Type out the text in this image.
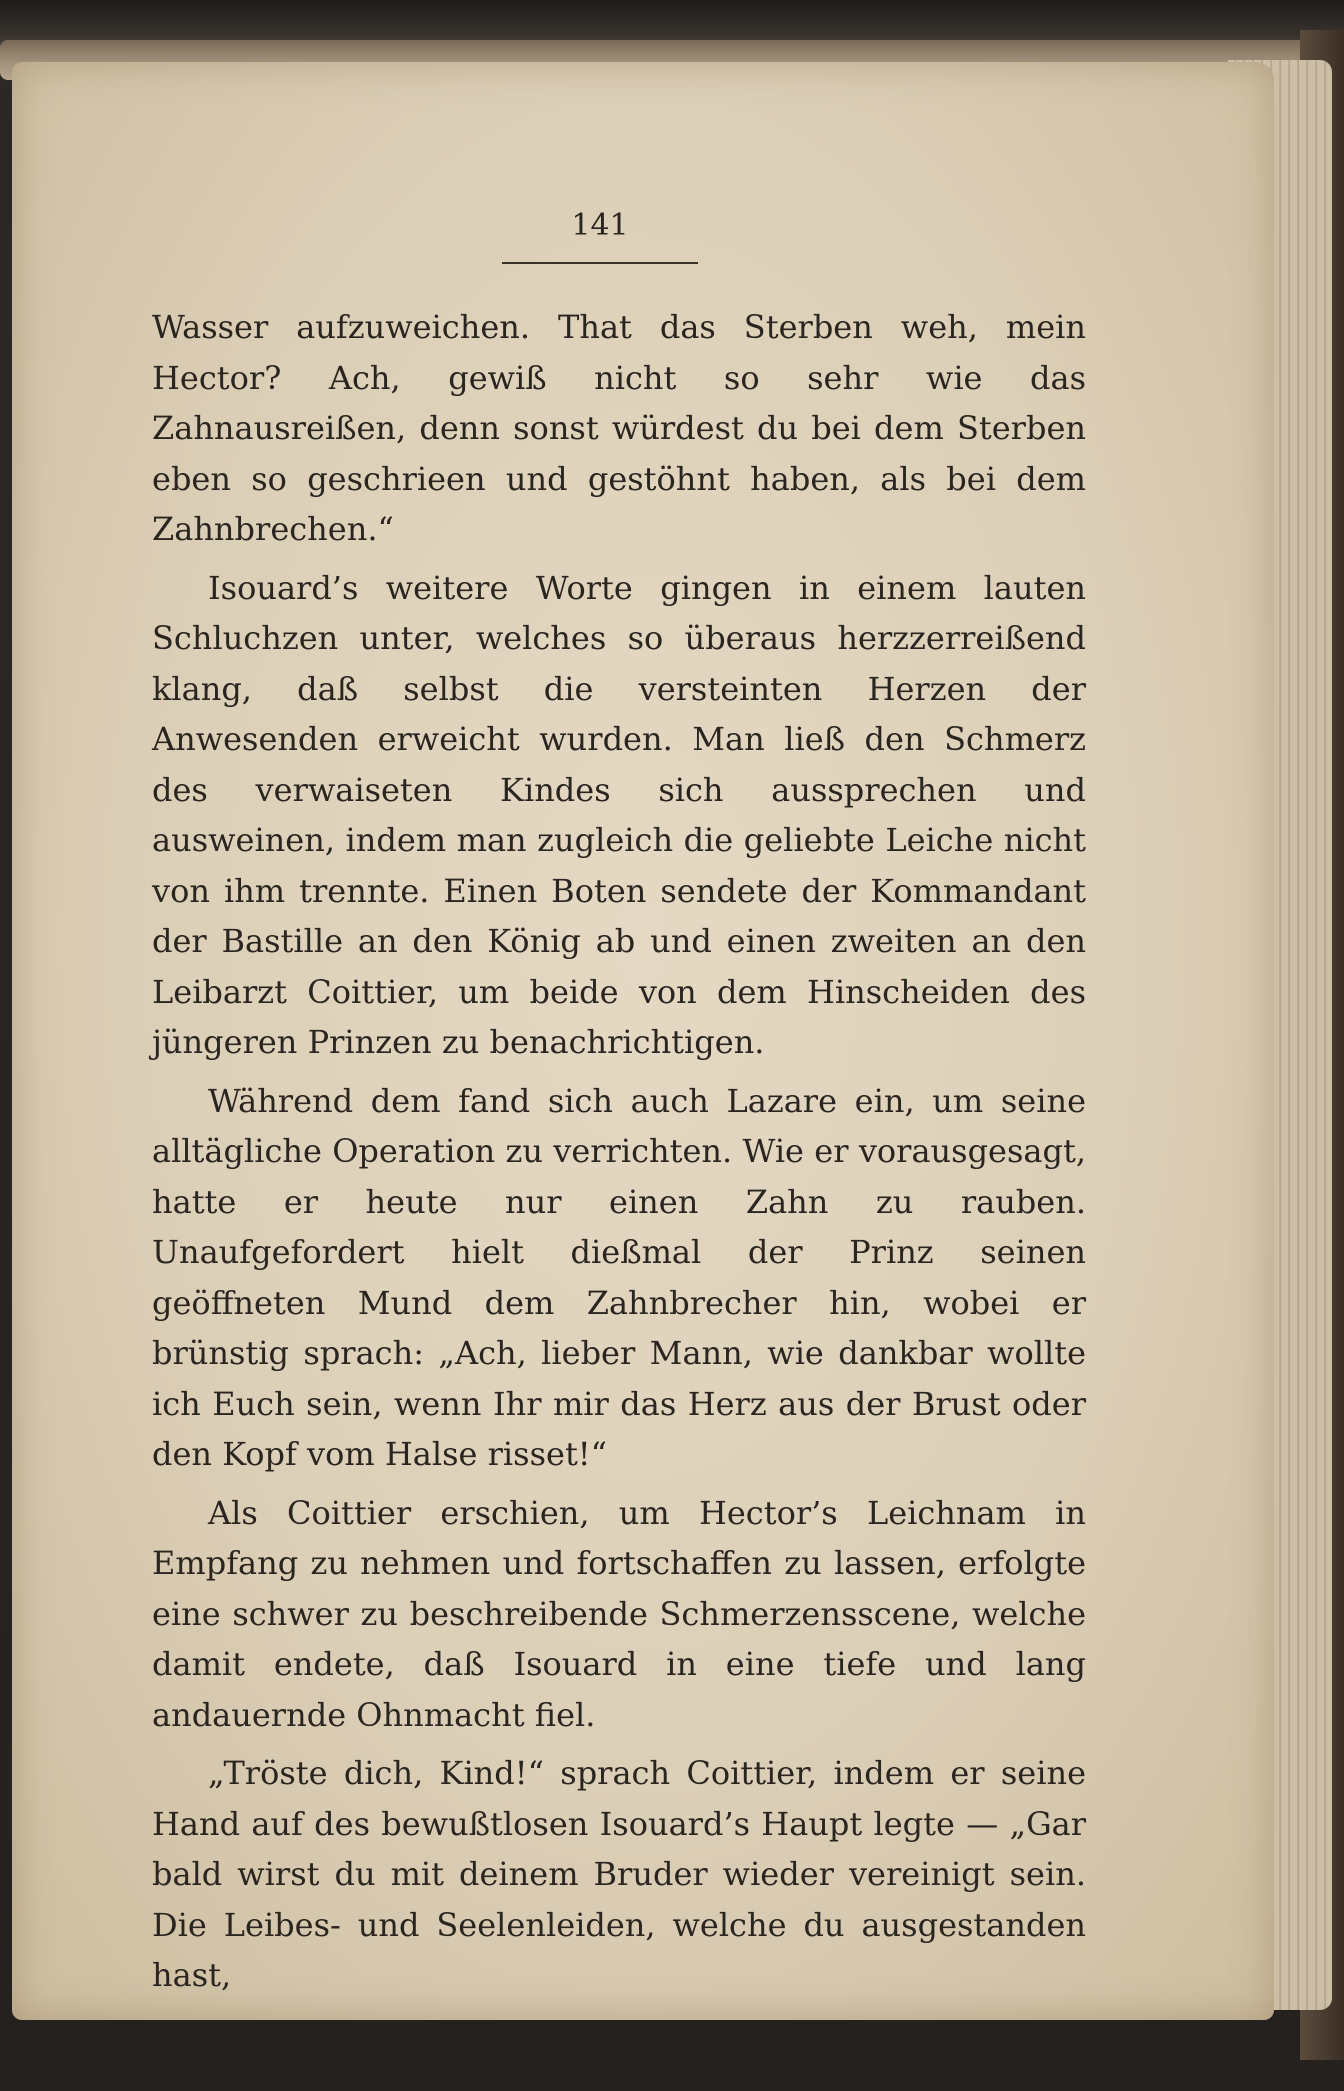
141

Wasser aufzuweichen. That das Sterben weh, mein Hector? Ach, gewiß nicht so sehr wie das Zahnausreißen, denn sonst würdest du bei dem Sterben eben so geschrieen und gestöhnt haben, als bei dem Zahnbrechen.“

Isouard’s weitere Worte gingen in einem lauten Schluchzen unter, welches so überaus herzzerreißend klang, daß selbst die versteinten Herzen der Anwesenden erweicht wurden. Man ließ den Schmerz des verwaiseten Kindes sich aussprechen und ausweinen, indem man zugleich die geliebte Leiche nicht von ihm trennte. Einen Boten sendete der Kommandant der Bastille an den König ab und einen zweiten an den Leibarzt Coittier, um beide von dem Hinscheiden des jüngeren Prinzen zu benachrichtigen.

Während dem fand sich auch Lazare ein, um seine alltägliche Operation zu verrichten. Wie er vorausgesagt, hatte er heute nur einen Zahn zu rauben. Unaufgefordert hielt dießmal der Prinz seinen geöffneten Mund dem Zahnbrecher hin, wobei er brünstig sprach: „Ach, lieber Mann, wie dankbar wollte ich Euch sein, wenn Ihr mir das Herz aus der Brust oder den Kopf vom Halse risset!“

Als Coittier erschien, um Hector’s Leichnam in Empfang zu nehmen und fortschaffen zu lassen, erfolgte eine schwer zu beschreibende Schmerzensscene, welche damit endete, daß Isouard in eine tiefe und lang andauernde Ohnmacht fiel.

„Tröste dich, Kind!“ sprach Coittier, indem er seine Hand auf des bewußtlosen Isouard’s Haupt legte — „Gar bald wirst du mit deinem Bruder wieder vereinigt sein. Die Leibes- und Seelenleiden, welche du ausgestanden hast,
